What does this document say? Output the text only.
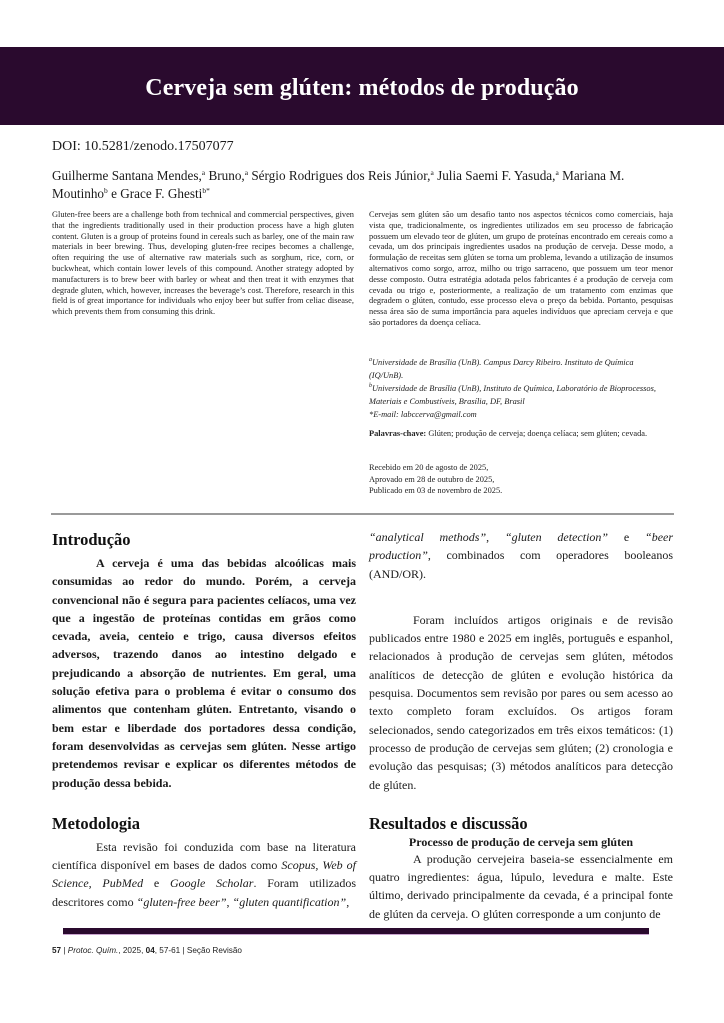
Cerveja sem glúten: métodos de produção
DOI: 10.5281/zenodo.17507077
Guilherme Santana Mendes,$^a$ Bruno,$^a$ Sérgio Rodrigues dos Reis Júnior,$^a$ Julia Saemi F. Yasuda,$^a$ Mariana M. Moutinho$^b$ e Grace F. Ghesti$^{b*}$
Gluten-free beers are a challenge both from technical and commercial perspectives, given that the ingredients traditionally used in their production process have a high gluten content. Gluten is a group of proteins found in cereals such as barley, one of the main raw materials in beer brewing. Thus, developing gluten-free recipes becomes a challenge, often requiring the use of alternative raw materials such as sorghum, rice, corn, or buckwheat, which contain lower levels of this compound. Another strategy adopted by manufacturers is to brew beer with barley or wheat and then treat it with enzymes that degrade gluten, which, however, increases the beverage’s cost. Therefore, research in this field is of great importance for individuals who enjoy beer but suffer from celiac disease, which prevents them from consuming this drink.
Cervejas sem glúten são um desafio tanto nos aspectos técnicos como comerciais, haja vista que, tradicionalmente, os ingredientes utilizados em seu processo de fabricação possuem um elevado teor de glúten, um grupo de proteínas encontrado em cereais como a cevada, um dos principais ingredientes usados na produção de cerveja. Desse modo, a formulação de receitas sem glúten se torna um problema, levando a utilização de insumos alternativos como sorgo, arroz, milho ou trigo sarraceno, que possuem um teor menor desse composto. Outra estratégia adotada pelos fabricantes é a produção de cerveja com cevada ou trigo e, posteriormente, a realização de um tratamento com enzimas que degradem o glúten, contudo, esse processo eleva o preço da bebida. Portanto, pesquisas nessa área são de suma importância para aqueles indivíduos que apreciam cerveja e que são portadores da doença celíaca.
$^a$Universidade de Brasília (UnB). Campus Darcy Ribeiro. Instituto de Química (IQ/UnB).
$^b$Universidade de Brasília (UnB), Instituto de Química, Laboratório de Bioprocessos, Materiais e Combustíveis, Brasília, DF, Brasil
*E-mail: labccerva@gmail.com
Palavras-chave: Glúten; produção de cerveja; doença celíaca; sem glúten; cevada.
Recebido em 20 de agosto de 2025,
Aprovado em 28 de outubro de 2025,
Publicado em 03 de novembro de 2025.
Introdução

A cerveja é uma das bebidas alcoólicas mais consumidas ao redor do mundo. Porém, a cerveja convencional não é segura para pacientes celíacos, uma vez que a ingestão de proteínas contidas em grãos como cevada, aveia, centeio e trigo, causa diversos efeitos adversos, trazendo danos ao intestino delgado e prejudicando a absorção de nutrientes. Em geral, uma solução efetiva para o problema é evitar o consumo dos alimentos que contenham glúten. Entretanto, visando o bem estar e liberdade dos portadores dessa condição, foram desenvolvidas as cervejas sem glúten. Nesse artigo pretendemos revisar e explicar os diferentes métodos de produção dessa bebida.

Metodologia

Esta revisão foi conduzida com base na literatura científica disponível em bases de dados como Scopus, Web of Science, PubMed e Google Scholar. Foram utilizados descritores como “gluten-free beer”, “gluten quantification”,

“analytical methods”, “gluten detection” e “beer production”, combinados com operadores booleanos (AND/OR).

Foram incluídos artigos originais e de revisão publicados entre 1980 e 2025 em inglês, português e espanhol, relacionados à produção de cervejas sem glúten, métodos analíticos de detecção de glúten e evolução histórica da pesquisa. Documentos sem revisão por pares ou sem acesso ao texto completo foram excluídos. Os artigos foram selecionados, sendo categorizados em três eixos temáticos: (1) processo de produção de cervejas sem glúten; (2) cronologia e evolução das pesquisas; (3) métodos analíticos para detecção de glúten.

Resultados e discussão
Processo de produção de cerveja sem glúten

A produção cervejeira baseia-se essencialmente em quatro ingredientes: água, lúpulo, levedura e malte. Este último, derivado principalmente da cevada, é a principal fonte de glúten da cerveja. O glúten corresponde a um conjunto de

57 | Protoc. Quím., 2025, 04, 57-61 | Seção Revisão
